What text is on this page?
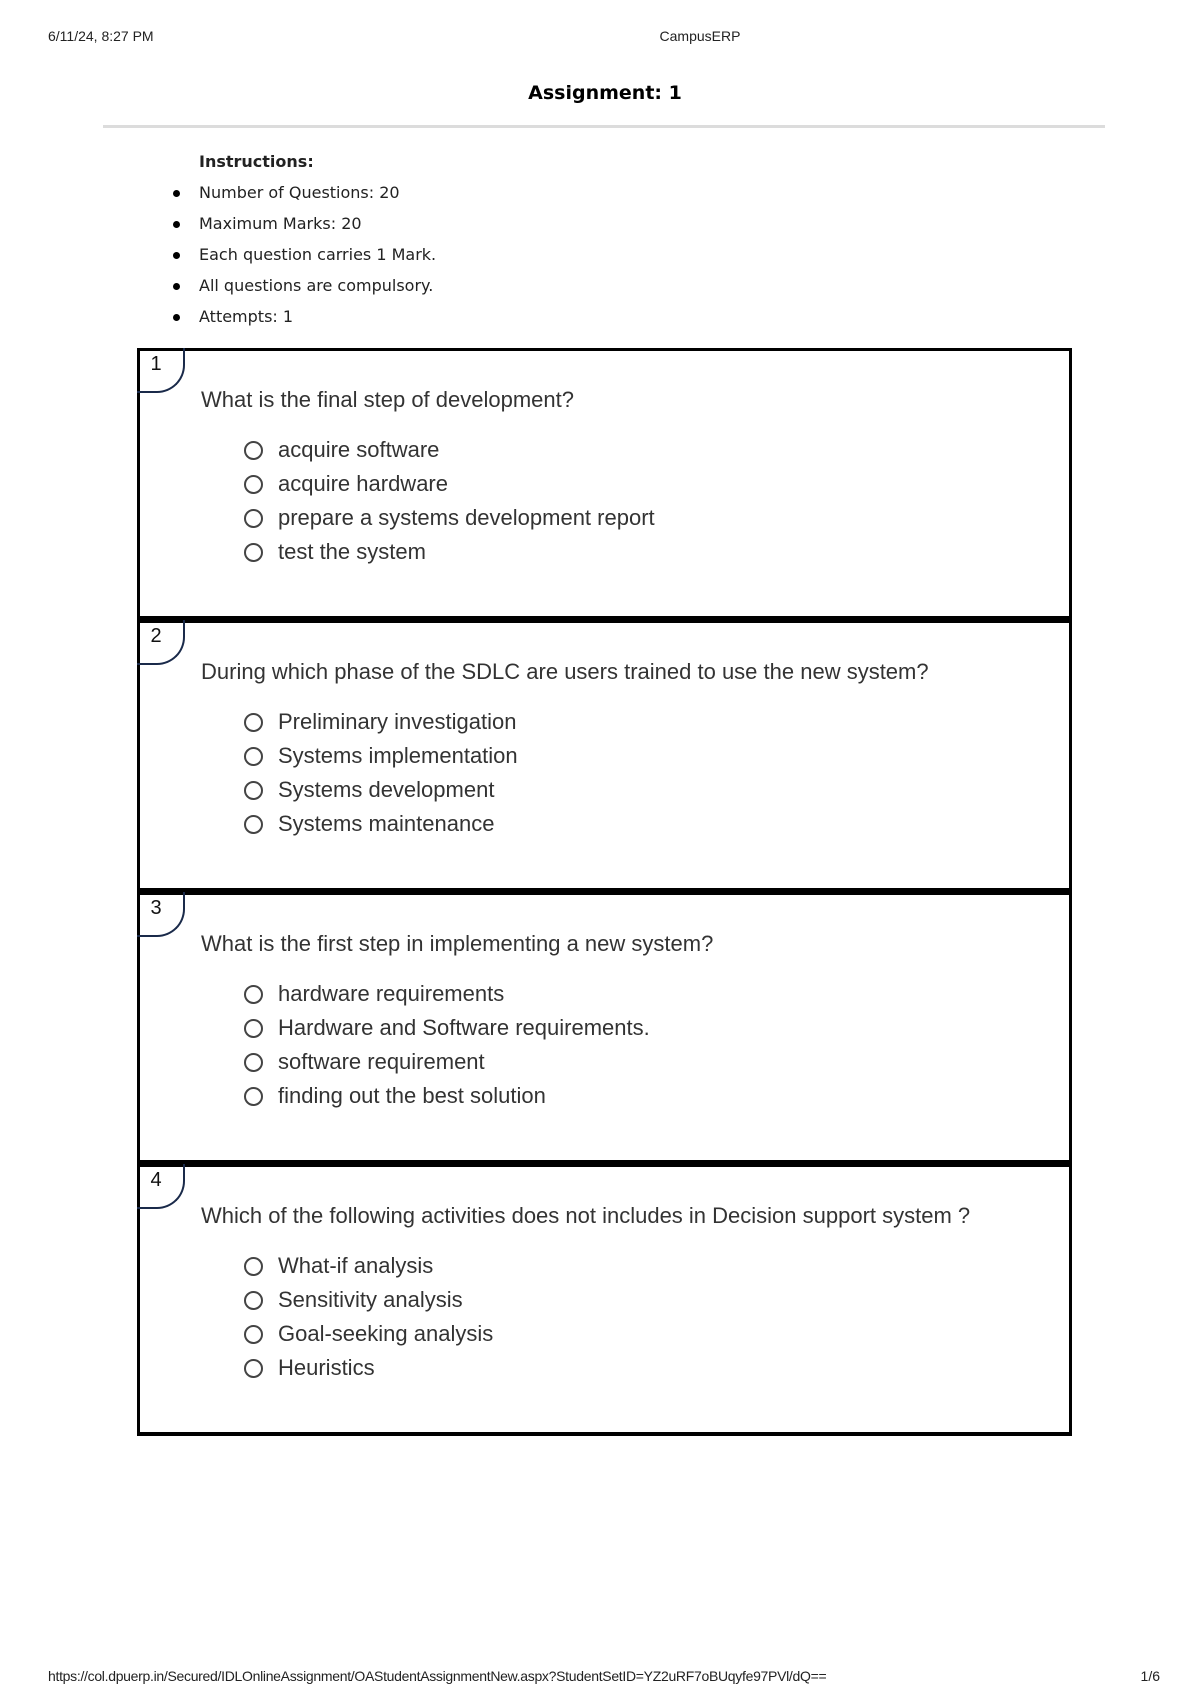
6/11/24, 8:27 PM	CampusERP
Assignment: 1
Instructions:
Number of Questions: 20
Maximum Marks: 20
Each question carries 1 Mark.
All questions are compulsory.
Attempts: 1
1
What is the final step of development?
acquire software
acquire hardware
prepare a systems development report
test the system
2
During which phase of the SDLC are users trained to use the new system?
Preliminary investigation
Systems implementation
Systems development
Systems maintenance
3
What is the first step in implementing a new system?
hardware requirements
Hardware and Software requirements.
software requirement
finding out the best solution
4
Which of the following activities does not includes in Decision support system ?
What-if analysis
Sensitivity analysis
Goal-seeking analysis
Heuristics
https://col.dpuerp.in/Secured/IDLOnlineAssignment/OAStudentAssignmentNew.aspx?StudentSetID=YZ2uRF7oBUqyfe97PVl/dQ==	1/6
